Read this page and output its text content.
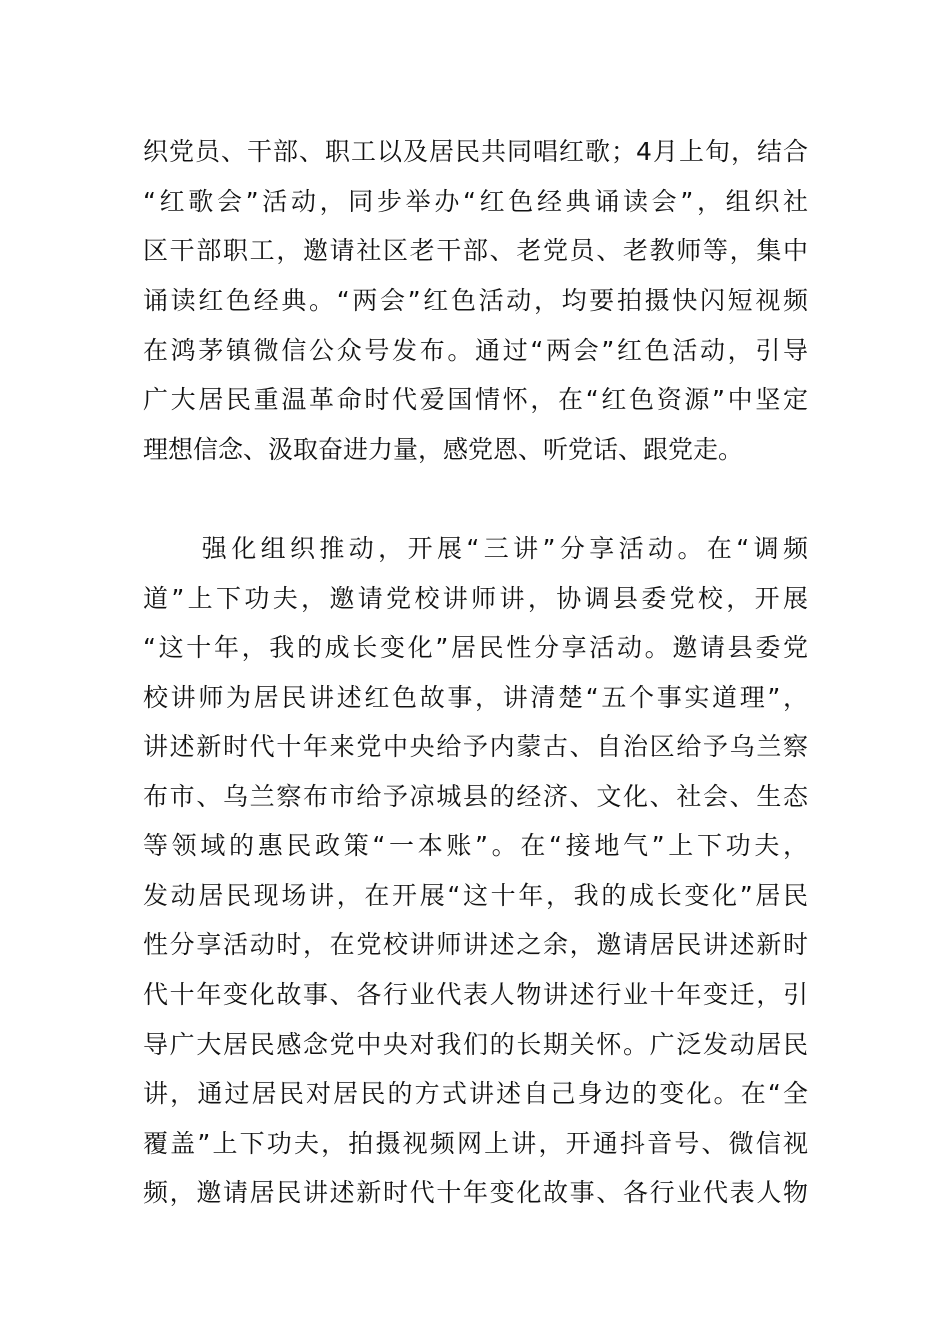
织党员、干部、职工以及居民共同唱红歌；4月上旬，结合

“红歌会”活动，同步举办“红色经典诵读会”，组织社

区干部职工，邀请社区老干部、老党员、老教师等，集中

诵读红色经典。“两会”红色活动，均要拍摄快闪短视频

在鸿茅镇微信公众号发布。通过“两会”红色活动，引导

广大居民重温革命时代爱国情怀，在“红色资源”中坚定

理想信念、汲取奋进力量，感党恩、听党话、跟党走。

　　强化组织推动，开展“三讲”分享活动。在“调频

道”上下功夫，邀请党校讲师讲，协调县委党校，开展

“这十年，我的成长变化”居民性分享活动。邀请县委党

校讲师为居民讲述红色故事，讲清楚“五个事实道理”，

讲述新时代十年来党中央给予内蒙古、自治区给予乌兰察

布市、乌兰察布市给予凉城县的经济、文化、社会、生态

等领域的惠民政策“一本账”。在“接地气”上下功夫，

发动居民现场讲，在开展“这十年，我的成长变化”居民

性分享活动时，在党校讲师讲述之余，邀请居民讲述新时

代十年变化故事、各行业代表人物讲述行业十年变迁，引

导广大居民感念党中央对我们的长期关怀。广泛发动居民

讲，通过居民对居民的方式讲述自己身边的变化。在“全

覆盖”上下功夫，拍摄视频网上讲，开通抖音号、微信视

频，邀请居民讲述新时代十年变化故事、各行业代表人物
